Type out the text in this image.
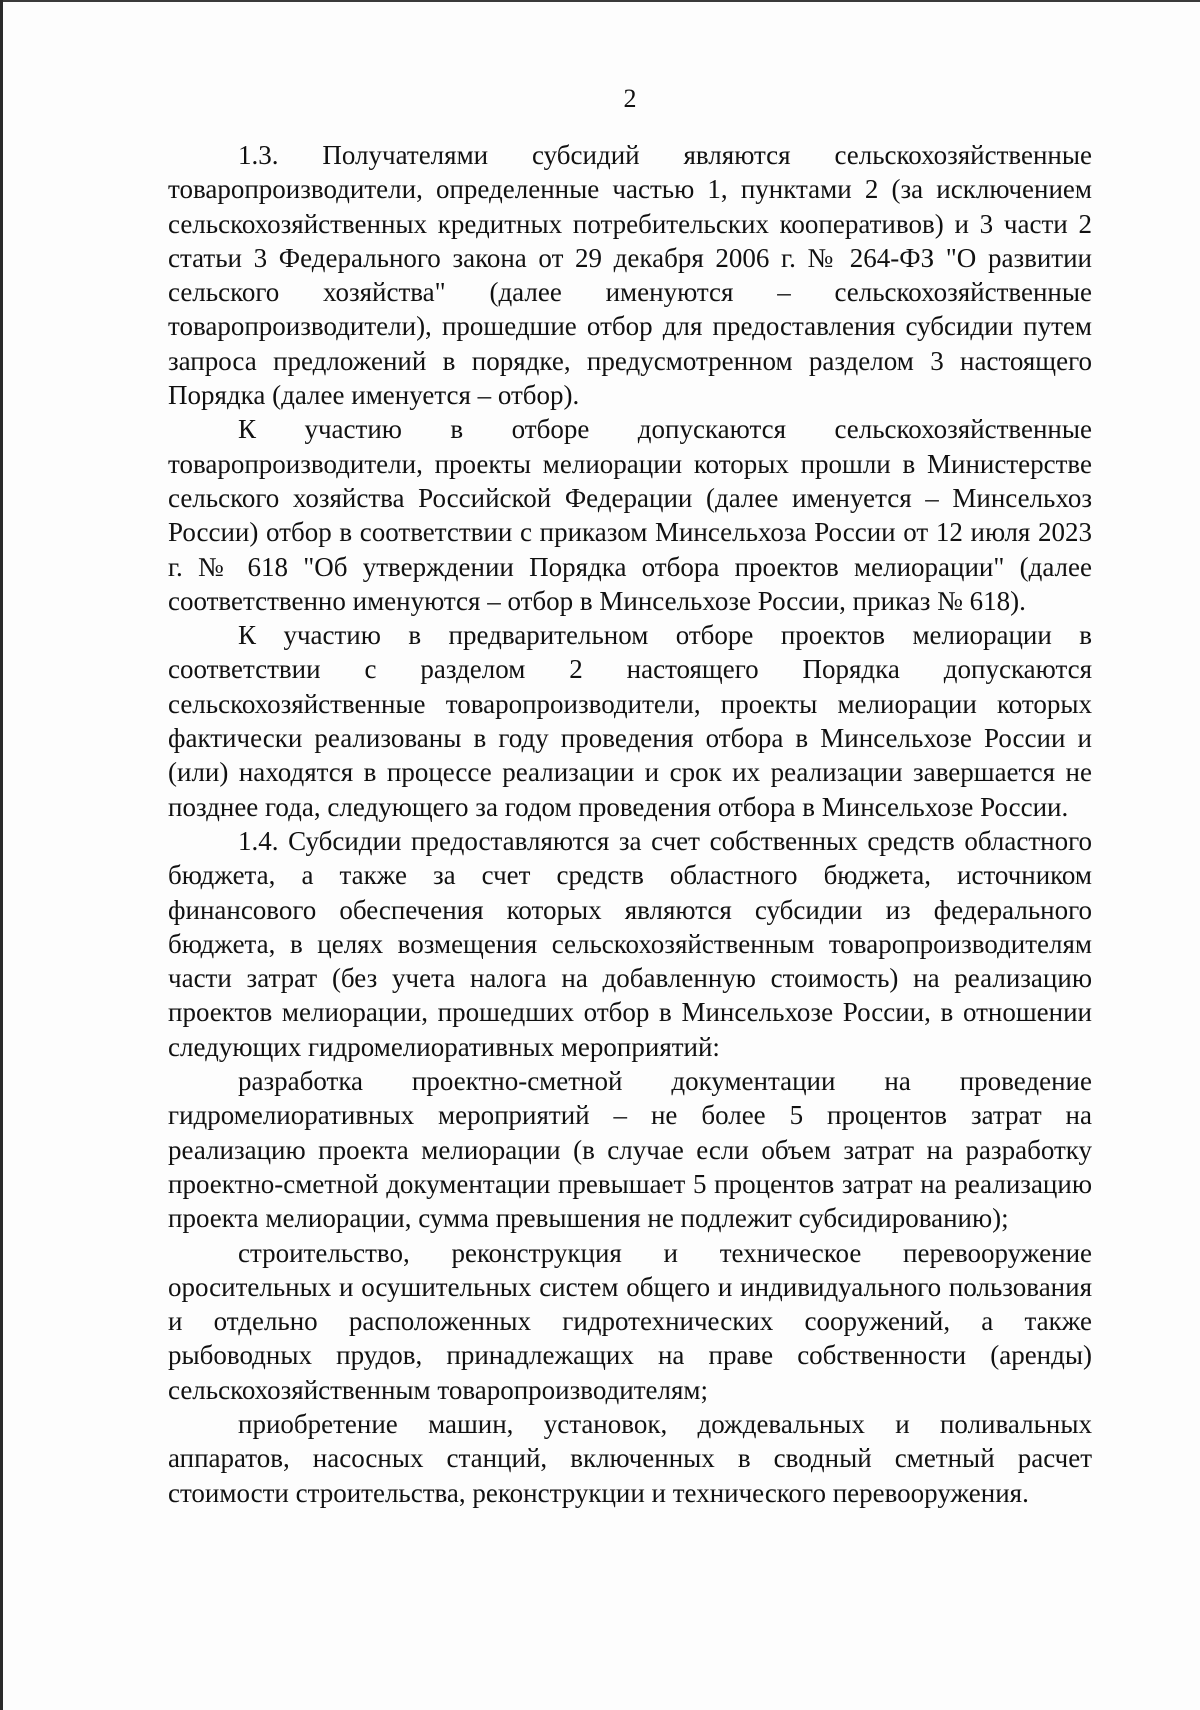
2

1.3. Получателями субсидий являются сельскохозяйственные товаропроизводители, определенные частью 1, пунктами 2 (за исключением сельскохозяйственных кредитных потребительских кооперативов) и 3 части 2 статьи 3 Федерального закона от 29 декабря 2006 г. № 264-ФЗ "О развитии сельского хозяйства" (далее именуются – сельскохозяйственные товаропроизводители), прошедшие отбор для предоставления субсидии путем запроса предложений в порядке, предусмотренном разделом 3 настоящего Порядка (далее именуется – отбор).

К участию в отборе допускаются сельскохозяйственные товаропроизводители, проекты мелиорации которых прошли в Министерстве сельского хозяйства Российской Федерации (далее именуется – Минсельхоз России) отбор в соответствии с приказом Минсельхоза России от 12 июля 2023 г. № 618 "Об утверждении Порядка отбора проектов мелиорации" (далее соответственно именуются – отбор в Минсельхозе России, приказ № 618).

К участию в предварительном отборе проектов мелиорации в соответствии с разделом 2 настоящего Порядка допускаются сельскохозяйственные товаропроизводители, проекты мелиорации которых фактически реализованы в году проведения отбора в Минсельхозе России и (или) находятся в процессе реализации и срок их реализации завершается не позднее года, следующего за годом проведения отбора в Минсельхозе России.

1.4. Субсидии предоставляются за счет собственных средств областного бюджета, а также за счет средств областного бюджета, источником финансового обеспечения которых являются субсидии из федерального бюджета, в целях возмещения сельскохозяйственным товаропроизводителям части затрат (без учета налога на добавленную стоимость) на реализацию проектов мелиорации, прошедших отбор в Минсельхозе России, в отношении следующих гидромелиоративных мероприятий:

разработка проектно-сметной документации на проведение гидромелиоративных мероприятий – не более 5 процентов затрат на реализацию проекта мелиорации (в случае если объем затрат на разработку проектно-сметной документации превышает 5 процентов затрат на реализацию проекта мелиорации, сумма превышения не подлежит субсидированию);

строительство, реконструкция и техническое перевооружение оросительных и осушительных систем общего и индивидуального пользования и отдельно расположенных гидротехнических сооружений, а также рыбоводных прудов, принадлежащих на праве собственности (аренды) сельскохозяйственным товаропроизводителям;

приобретение машин, установок, дождевальных и поливальных аппаратов, насосных станций, включенных в сводный сметный расчет стоимости строительства, реконструкции и технического перевооружения.
